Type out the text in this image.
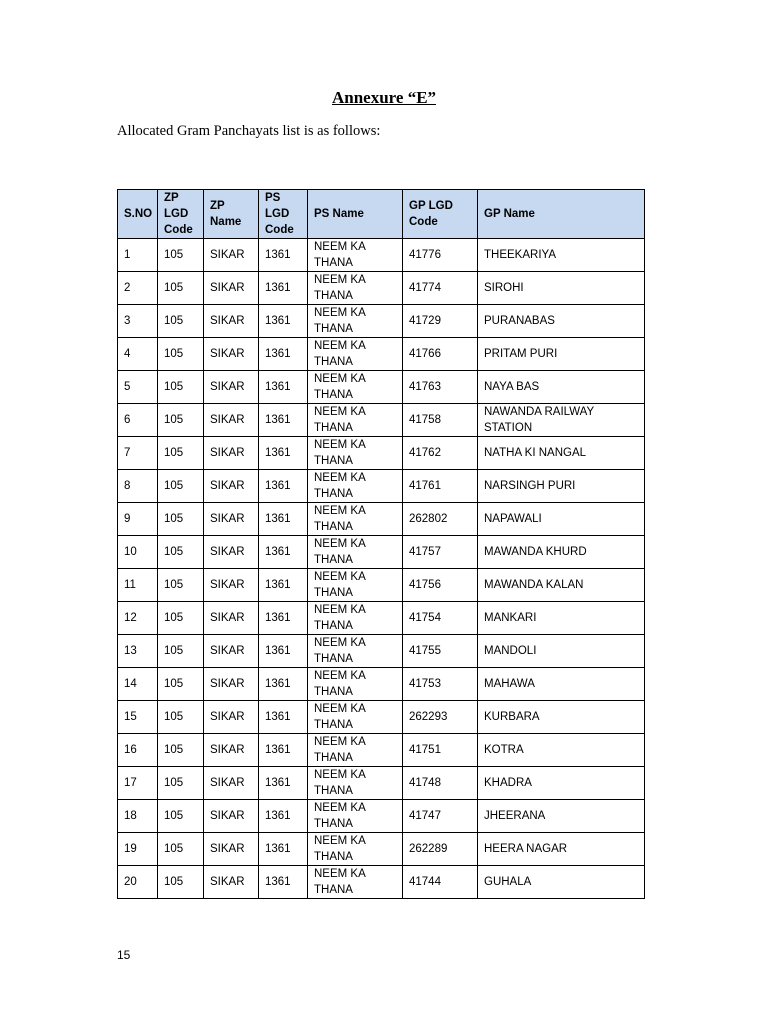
Annexure “E”
Allocated Gram Panchayats list is as follows:
S.NO	ZP LGD Code	ZP Name	PS LGD Code	PS Name	GP LGD Code	GP Name
1	105	SIKAR	1361	NEEM KA THANA	41776	THEEKARIYA
2	105	SIKAR	1361	NEEM KA THANA	41774	SIROHI
3	105	SIKAR	1361	NEEM KA THANA	41729	PURANABAS
4	105	SIKAR	1361	NEEM KA THANA	41766	PRITAM PURI
5	105	SIKAR	1361	NEEM KA THANA	41763	NAYA BAS
6	105	SIKAR	1361	NEEM KA THANA	41758	NAWANDA RAILWAY STATION
7	105	SIKAR	1361	NEEM KA THANA	41762	NATHA KI NANGAL
8	105	SIKAR	1361	NEEM KA THANA	41761	NARSINGH PURI
9	105	SIKAR	1361	NEEM KA THANA	262802	NAPAWALI
10	105	SIKAR	1361	NEEM KA THANA	41757	MAWANDA KHURD
11	105	SIKAR	1361	NEEM KA THANA	41756	MAWANDA KALAN
12	105	SIKAR	1361	NEEM KA THANA	41754	MANKARI
13	105	SIKAR	1361	NEEM KA THANA	41755	MANDOLI
14	105	SIKAR	1361	NEEM KA THANA	41753	MAHAWA
15	105	SIKAR	1361	NEEM KA THANA	262293	KURBARA
16	105	SIKAR	1361	NEEM KA THANA	41751	KOTRA
17	105	SIKAR	1361	NEEM KA THANA	41748	KHADRA
18	105	SIKAR	1361	NEEM KA THANA	41747	JHEERANA
19	105	SIKAR	1361	NEEM KA THANA	262289	HEERA NAGAR
20	105	SIKAR	1361	NEEM KA THANA	41744	GUHALA
15
